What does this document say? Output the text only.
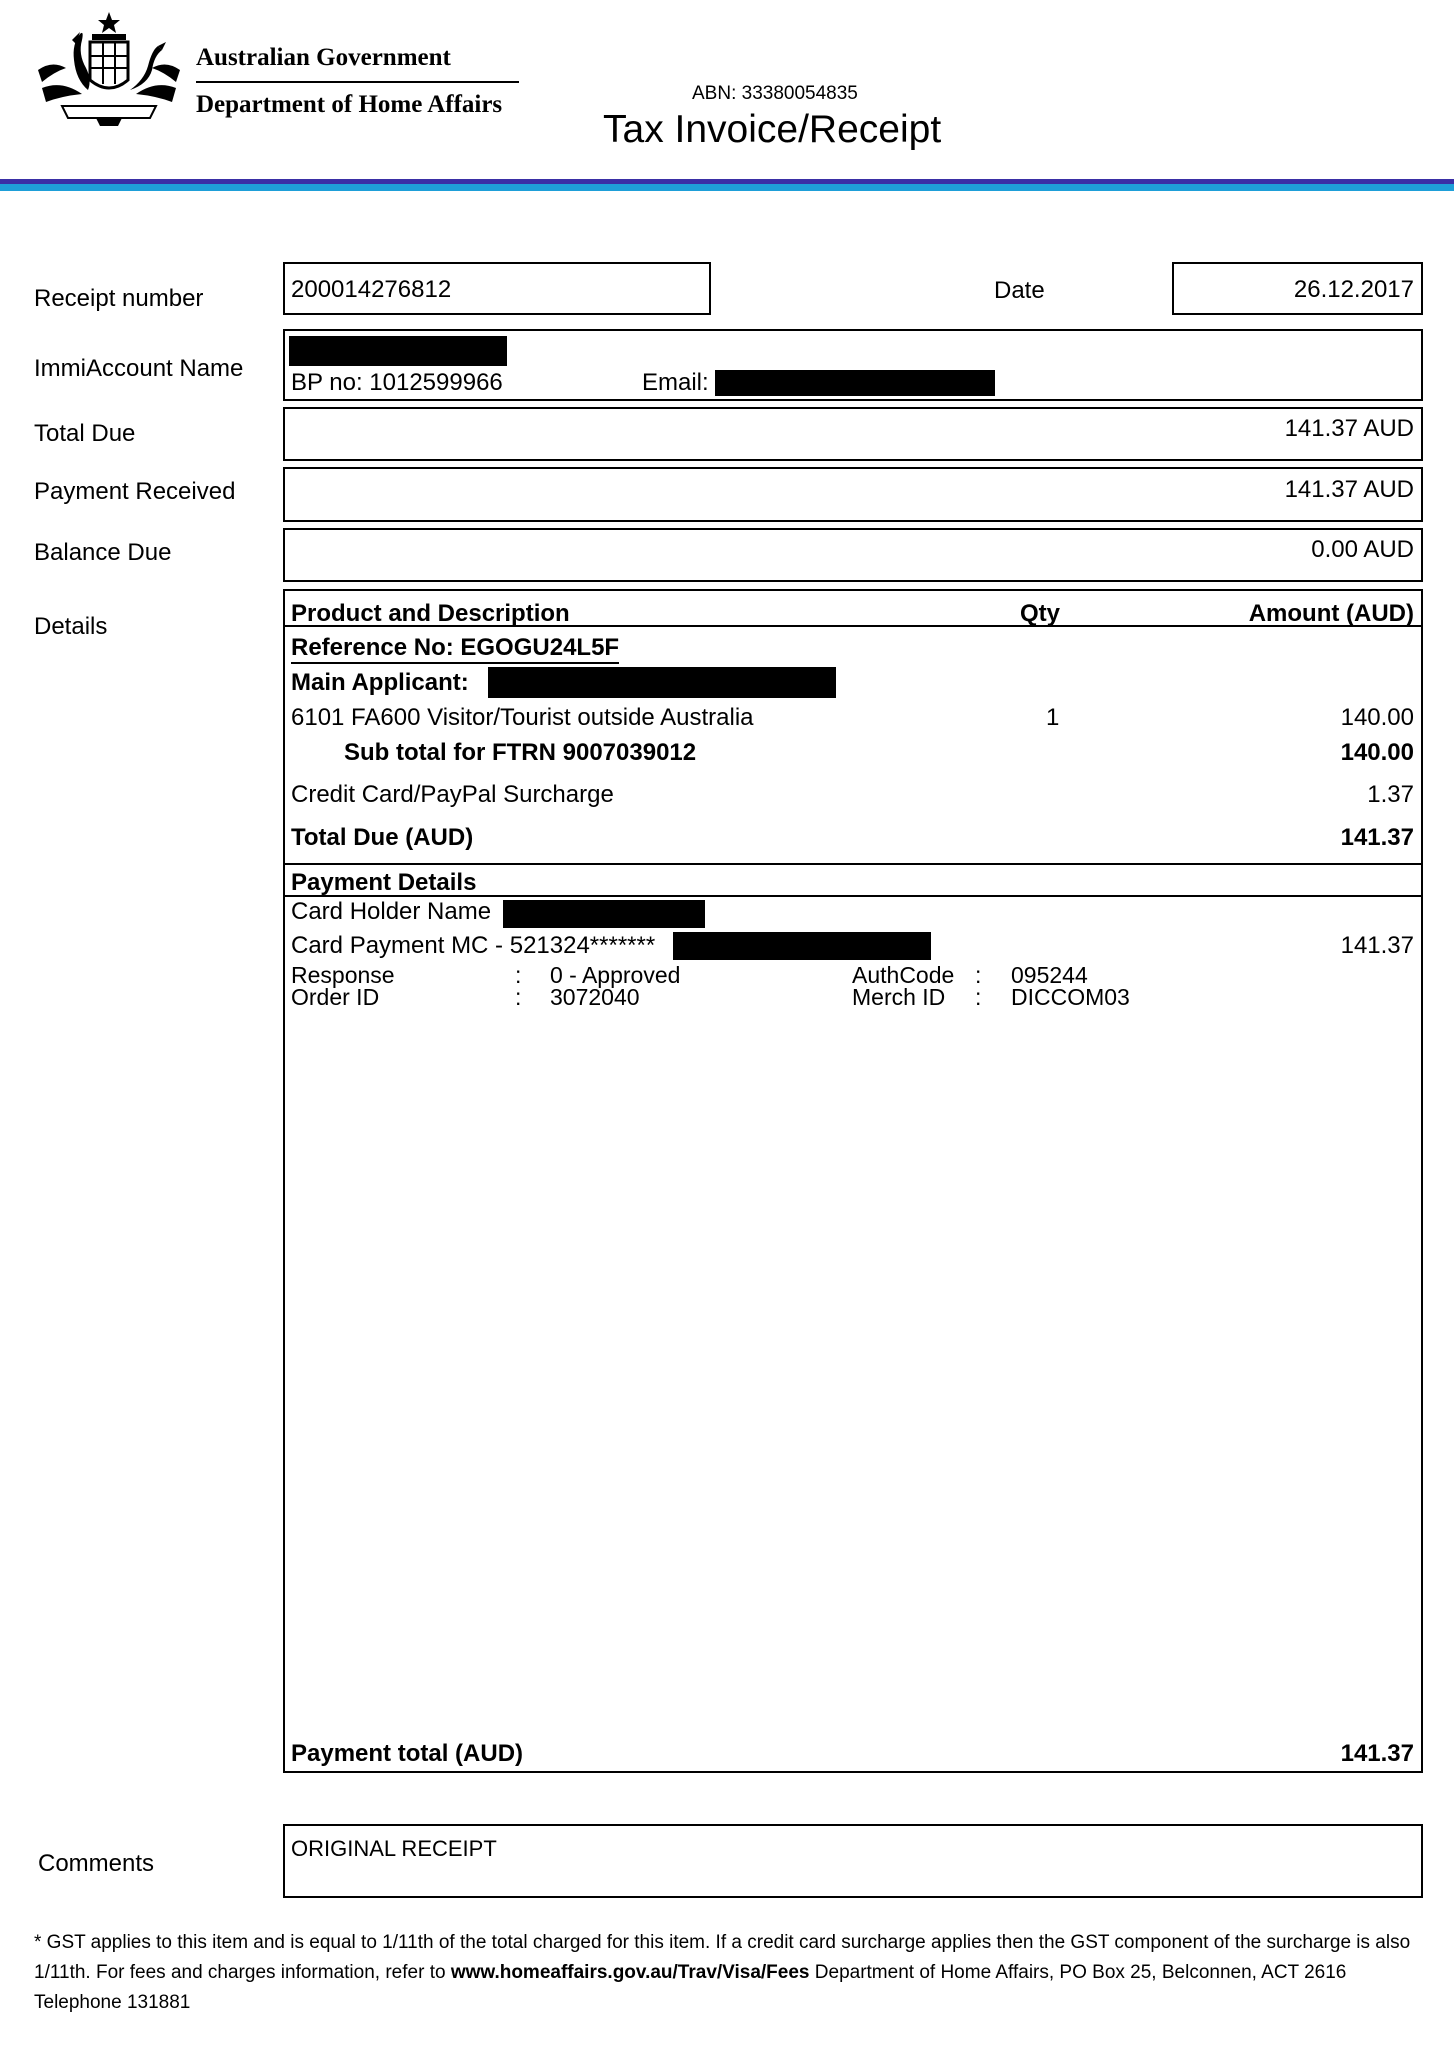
Australian Government
Department of Home Affairs	ABN: 33380054835
Tax Invoice/Receipt
Receipt number	200014276812	Date	26.12.2017
ImmiAccount Name
BP no: 1012599966	Email:
Total Due	141.37 AUD
Payment Received	141.37 AUD
Balance Due	0.00 AUD
Details	Product and Description	Qty	Amount (AUD)
Reference No: EGOGU24L5F
Main Applicant:
6101 FA600 Visitor/Tourist outside Australia	1	140.00
Sub total for FTRN 9007039012	140.00
Credit Card/PayPal Surcharge	1.37
Total Due (AUD)	141.37
Payment Details
Card Holder Name
Card Payment MC - 521324*******	141.37
Response	: 0 - Approved	AuthCode : 095244
Order ID	: 3072040	Merch ID : DICCOM03
Payment total (AUD)	141.37
Comments
ORIGINAL RECEIPT
* GST applies to this item and is equal to 1/11th of the total charged for this item. If a credit card surcharge applies then the GST component of the surcharge is also 1/11th. For fees and charges information, refer to www.homeaffairs.gov.au/Trav/Visa/Fees Department of Home Affairs, PO Box 25, Belconnen, ACT 2616 Telephone 131881
